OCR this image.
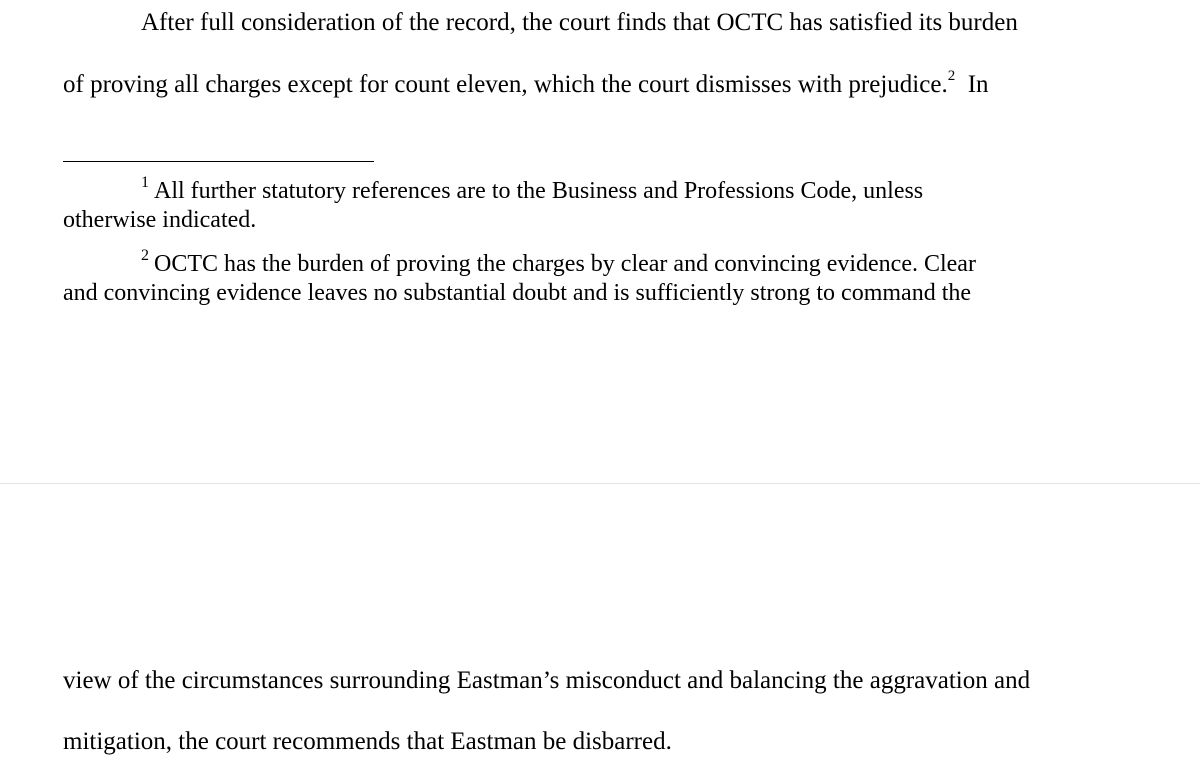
After full consideration of the record, the court finds that OCTC has satisfied its burden
of proving all charges except for count eleven, which the court dismisses with prejudice.$^2$ In
$^1$ All further statutory references are to the Business and Professions Code, unless
otherwise indicated.
$^2$ OCTC has the burden of proving the charges by clear and convincing evidence. Clear
and convincing evidence leaves no substantial doubt and is sufficiently strong to command the
view of the circumstances surrounding Eastman’s misconduct and balancing the aggravation and
mitigation, the court recommends that Eastman be disbarred.
